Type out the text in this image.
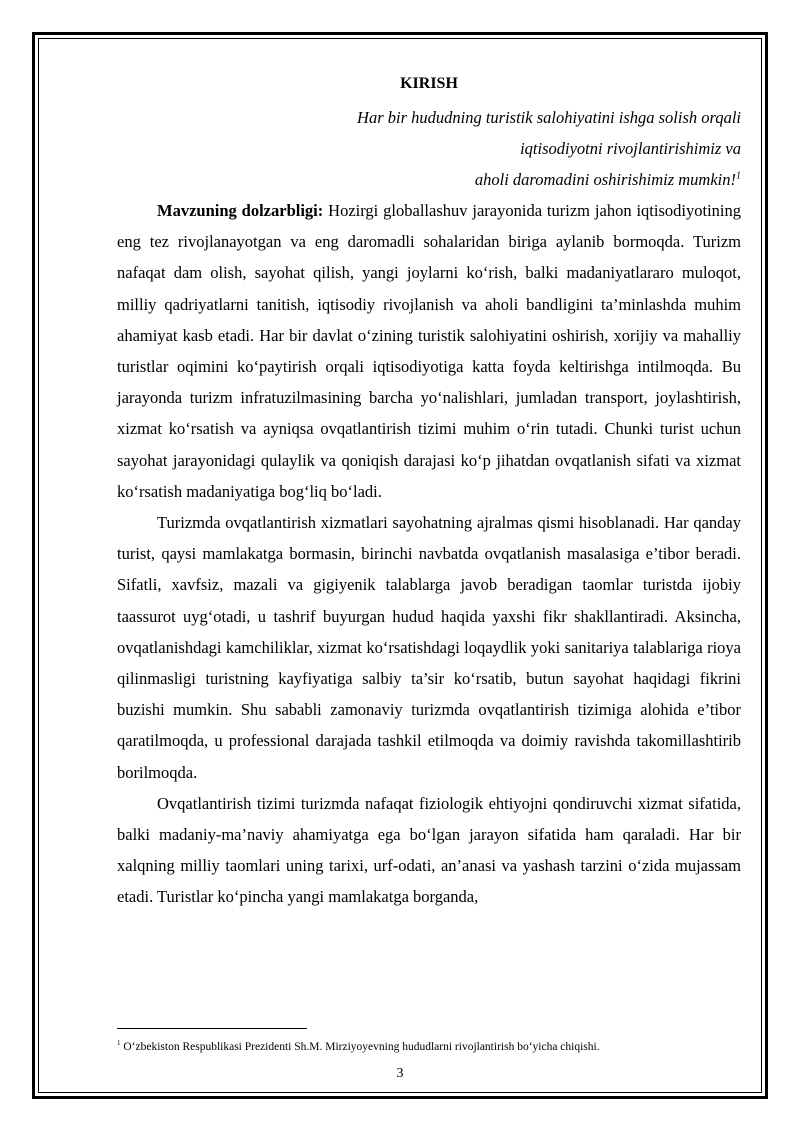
KIRISH
Har bir hududning turistik salohiyatini ishga solish orqali
iqtisodiyotni rivojlantirishimiz va
aholi daromadini oshirishimiz mumkin!$^1$

Mavzuning dolzarbligi: Hozirgi globallashuv jarayonida turizm jahon iqtisodiyotining eng tez rivojlanayotgan va eng daromadli sohalaridan biriga aylanib bormoqda. Turizm nafaqat dam olish, sayohat qilish, yangi joylarni ko‘rish, balki madaniyatlararo muloqot, milliy qadriyatlarni tanitish, iqtisodiy rivojlanish va aholi bandligini ta’minlashda muhim ahamiyat kasb etadi. Har bir davlat o‘zining turistik salohiyatini oshirish, xorijiy va mahalliy turistlar oqimini ko‘paytirish orqali iqtisodiyotiga katta foyda keltirishga intilmoqda. Bu jarayonda turizm infratuzilmasining barcha yo‘nalishlari, jumladan transport, joylashtirish, xizmat ko‘rsatish va ayniqsa ovqatlantirish tizimi muhim o‘rin tutadi. Chunki turist uchun sayohat jarayonidagi qulaylik va qoniqish darajasi ko‘p jihatdan ovqatlanish sifati va xizmat ko‘rsatish madaniyatiga bog‘liq bo‘ladi.

Turizmda ovqatlantirish xizmatlari sayohatning ajralmas qismi hisoblanadi. Har qanday turist, qaysi mamlakatga bormasin, birinchi navbatda ovqatlanish masalasiga e’tibor beradi. Sifatli, xavfsiz, mazali va gigiyenik talablarga javob beradigan taomlar turistda ijobiy taassurot uyg‘otadi, u tashrif buyurgan hudud haqida yaxshi fikr shakllantiradi. Aksincha, ovqatlanishdagi kamchiliklar, xizmat ko‘rsatishdagi loqaydlik yoki sanitariya talablariga rioya qilinmasligi turistning kayfiyatiga salbiy ta’sir ko‘rsatib, butun sayohat haqidagi fikrini buzishi mumkin. Shu sababli zamonaviy turizmda ovqatlantirish tizimiga alohida e’tibor qaratilmoqda, u professional darajada tashkil etilmoqda va doimiy ravishda takomillashtirib borilmoqda.

Ovqatlantirish tizimi turizmda nafaqat fiziologik ehtiyojni qondiruvchi xizmat sifatida, balki madaniy-ma’naviy ahamiyatga ega bo‘lgan jarayon sifatida ham qaraladi. Har bir xalqning milliy taomlari uning tarixi, urf-odati, an’anasi va yashash tarzini o‘zida mujassam etadi. Turistlar ko‘pincha yangi mamlakatga borganda,

$^1$ O‘zbekiston Respublikasi Prezidenti Sh.M. Mirziyoyevning hududlarni rivojlantirish bo‘yicha chiqishi.
3
